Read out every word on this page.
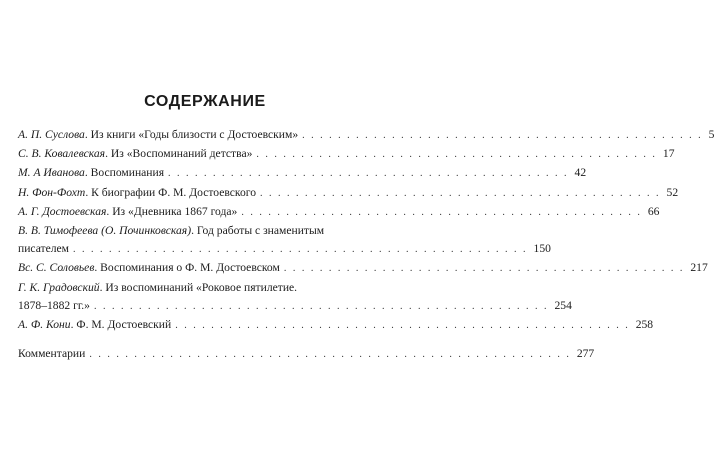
СОДЕРЖАНИЕ
А. П. Суслова. Из книги «Годы близости с Достоевским» . . . . . . . . . . . . . . . . . . . . . . . . . . . . . . . . . . . . . . . . . . . . . 5
С. В. Ковалевская. Из «Воспоминаний детства» . . . . . . . . . . . . . . . . . . . . . . . . . . . . . . . . . . . . . . . . . . . . . 17
М. А Иванова. Воспоминания . . . . . . . . . . . . . . . . . . . . . . . . . . . . . . . . . . . . . . . . . . . . . 42
Н. Фон-Фохт. К биографии Ф. М. Достоевского . . . . . . . . . . . . . . . . . . . . . . . . . . . . . . . . . . . . . . . . . . . . . 52
А. Г. Достоевская. Из «Дневника 1867 года» . . . . . . . . . . . . . . . . . . . . . . . . . . . . . . . . . . . . . . . . . . . . . 66
В. В. Тимофеева (О. Починковская). Год работы с знаменитым
писателем . . . . . . . . . . . . . . . . . . . . . . . . . . . . . . . . . . . . . . . . . . . . . . . . . . . 150
Вс. С. Соловьев. Воспоминания о Ф. М. Достоевском . . . . . . . . . . . . . . . . . . . . . . . . . . . . . . . . . . . . . . . . . . . . . 217
Г. К. Градовский. Из воспоминаний «Роковое пятилетие.
1878–1882 гг.» . . . . . . . . . . . . . . . . . . . . . . . . . . . . . . . . . . . . . . . . . . . . . . . . . . . 254
А. Ф. Кони. Ф. М. Достоевский . . . . . . . . . . . . . . . . . . . . . . . . . . . . . . . . . . . . . . . . . . . . . . . . . . . 258
Комментарии . . . . . . . . . . . . . . . . . . . . . . . . . . . . . . . . . . . . . . . . . . . . . . . . . . . . . . 277
